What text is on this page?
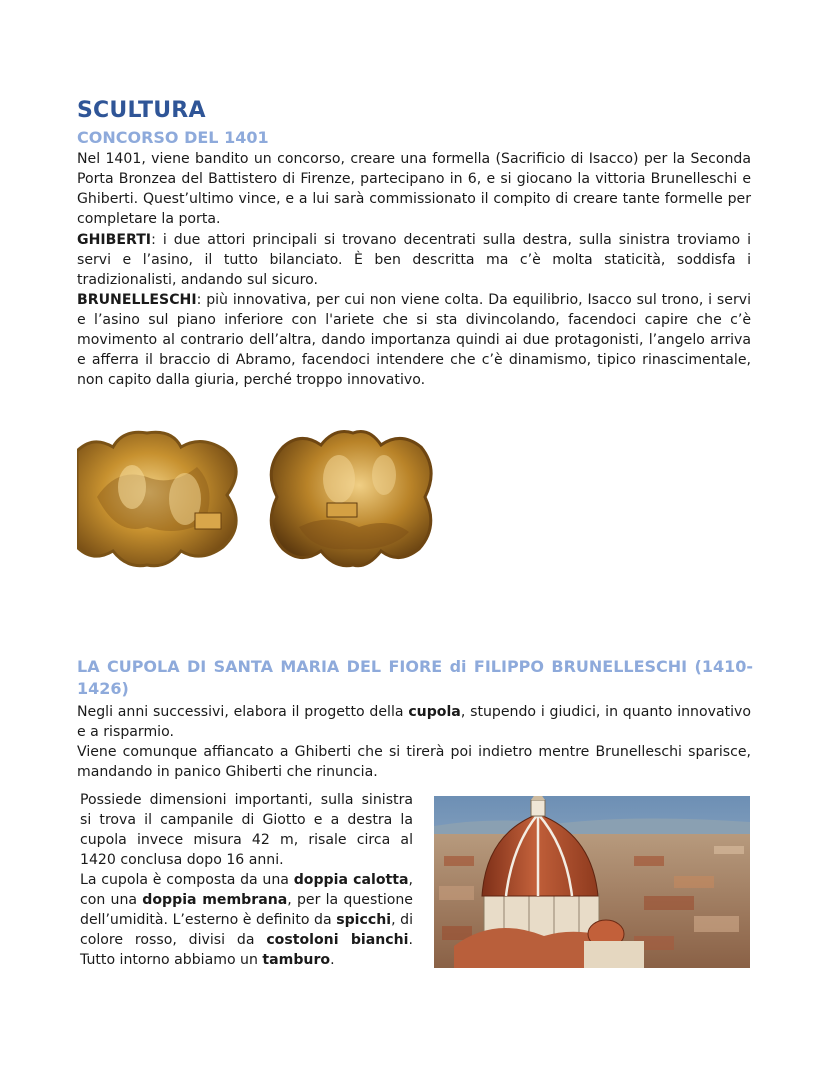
SCULTURA
CONCORSO DEL 1401

Nel 1401, viene bandito un concorso, creare una formella (Sacrificio di Isacco) per la Seconda Porta Bronzea del Battistero di Firenze, partecipano in 6, e si giocano la vittoria Brunelleschi e Ghiberti. Quest’ultimo vince, e a lui sarà commissionato il compito di creare tante formelle per completare la porta.

GHIBERTI: i due attori principali si trovano decentrati sulla destra, sulla sinistra troviamo i servi e l’asino, il tutto bilanciato. È ben descritta ma c’è molta staticità, soddisfa i tradizionalisti, andando sul sicuro.

BRUNELLESCHI: più innovativa, per cui non viene colta. Da equilibrio, Isacco sul trono, i servi e l’asino sul piano inferiore con l'ariete che si sta divincolando, facendoci capire che c’è movimento al contrario dell’altra, dando importanza quindi ai due protagonisti, l’angelo arriva e afferra il braccio di Abramo, facendoci intendere che c’è dinamismo, tipico rinascimentale, non capito dalla giuria, perché troppo innovativo.

LA CUPOLA DI SANTA MARIA DEL FIORE di FILIPPO BRUNELLESCHI (1410-1426)

Negli anni successivi, elabora il progetto della cupola, stupendo i giudici, in quanto innovativo e a risparmio.

Viene comunque affiancato a Ghiberti che si tirerà poi indietro mentre Brunelleschi sparisce, mandando in panico Ghiberti che rinuncia.

Possiede dimensioni importanti, sulla sinistra si trova il campanile di Giotto e a destra la cupola invece misura 42 m, risale circa al 1420 conclusa dopo 16 anni.

La cupola è composta da una doppia calotta, con una doppia membrana, per la questione dell’umidità. L’esterno è definito da spicchi, di colore rosso, divisi da costoloni bianchi. Tutto intorno abbiamo un tamburo.
